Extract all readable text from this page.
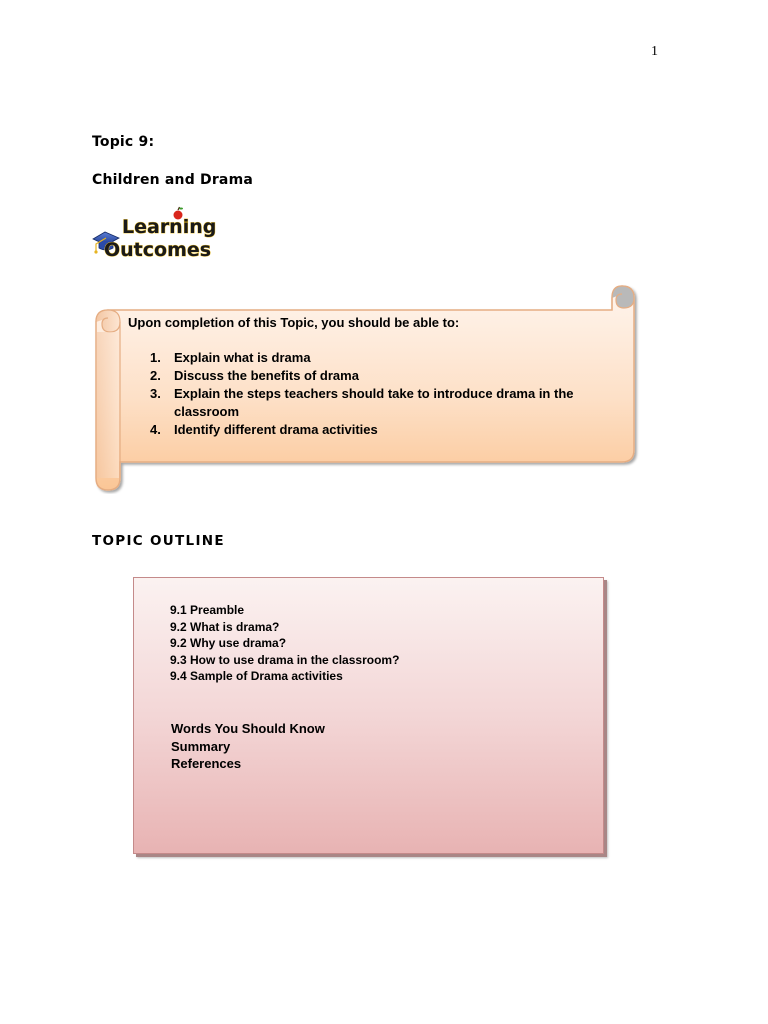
1
Topic 9:
Children and Drama
Learning
Outcomes

Upon completion of this Topic, you should be able to:

1. Explain what is drama
2. Discuss the benefits of drama
3. Explain the steps teachers should take to introduce drama in the classroom
4. Identify different drama activities
TOPIC OUTLINE
9.1 Preamble
9.2 What is drama?
9.2 Why use drama?
9.3 How to use drama in the classroom?
9.4 Sample of Drama activities
Words You Should Know
Summary
References
